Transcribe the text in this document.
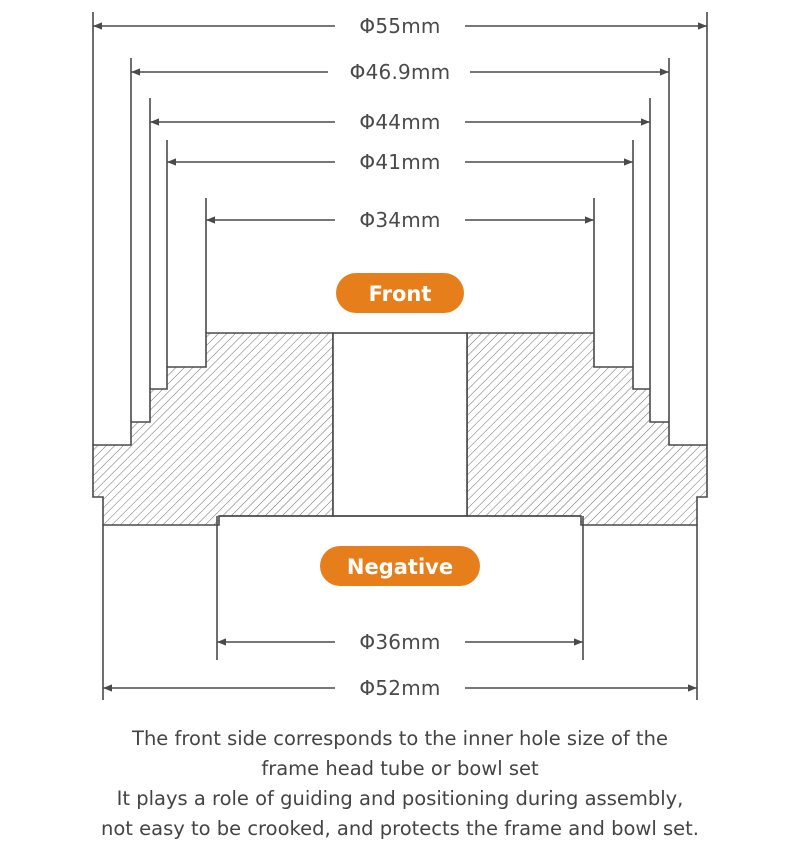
Φ55mm
Φ46.9mm
Φ44mm
Φ41mm
Φ34mm
Front
Negative
Φ36mm
Φ52mm
The front side corresponds to the inner hole size of the
frame head tube or bowl set
It plays a role of guiding and positioning during assembly,
not easy to be crooked, and protects the frame and bowl set.
